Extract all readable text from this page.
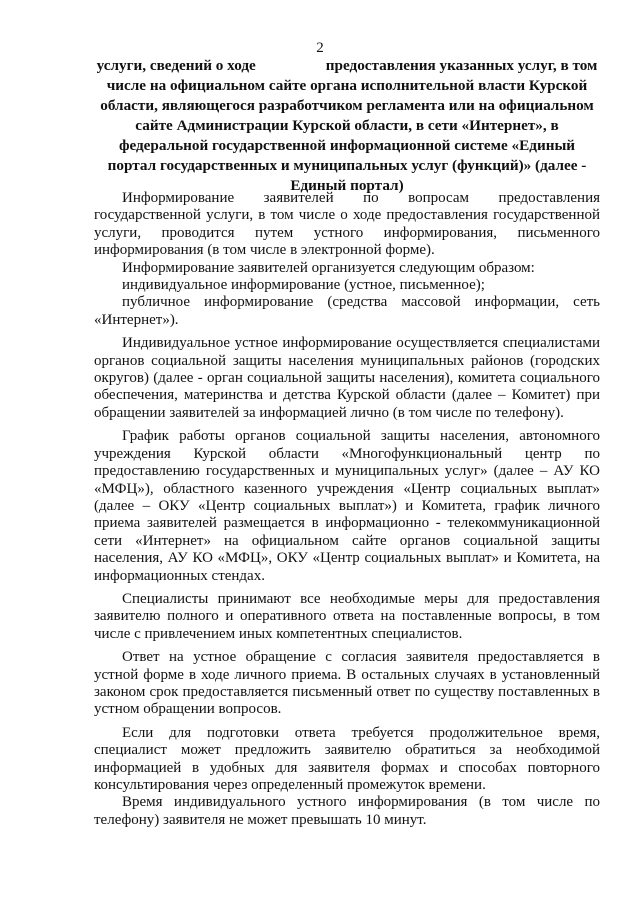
2
услуги, сведений о ходе	предоставления указанных услуг, в том числе на официальном сайте органа исполнительной власти Курской области, являющегося разработчиком регламента или на официальном сайте Администрации Курской области, в сети «Интернет», в федеральной государственной информационной системе «Единый портал государственных и муниципальных услуг (функций)» (далее - Единый портал)

Информирование заявителей по вопросам предоставления государственной услуги, в том числе о ходе предоставления государственной услуги, проводится путем устного информирования, письменного информирования (в том числе в электронной форме).

Информирование заявителей организуется следующим образом:

индивидуальное информирование (устное, письменное);

публичное информирование (средства массовой информации, сеть «Интернет»).

Индивидуальное устное информирование осуществляется специалистами органов социальной защиты населения муниципальных районов (городских округов) (далее - орган социальной защиты населения), комитета социального обеспечения, материнства и детства Курской области (далее – Комитет) при обращении заявителей за информацией лично (в том числе по телефону).

График работы органов социальной защиты населения, автономного учреждения Курской области «Многофункциональный центр по предоставлению государственных и муниципальных услуг» (далее – АУ КО «МФЦ»), областного казенного учреждения «Центр социальных выплат» (далее – ОКУ «Центр социальных выплат») и Комитета, график личного приема заявителей размещается в информационно - телекоммуникационной сети «Интернет» на официальном сайте органов социальной защиты населения, АУ КО «МФЦ», ОКУ «Центр социальных выплат» и Комитета, на информационных стендах.

Специалисты принимают все необходимые меры для предоставления заявителю полного и оперативного ответа на поставленные вопросы, в том числе с привлечением иных компетентных специалистов.

Ответ на устное обращение с согласия заявителя предоставляется в устной форме в ходе личного приема. В остальных случаях в установленный законом срок предоставляется письменный ответ по существу поставленных в устном обращении вопросов.

Если для подготовки ответа требуется продолжительное время, специалист может предложить заявителю обратиться за необходимой информацией в удобных для заявителя формах и способах повторного консультирования через определенный промежуток времени.

Время индивидуального устного информирования (в том числе по телефону) заявителя не может превышать 10 минут.
